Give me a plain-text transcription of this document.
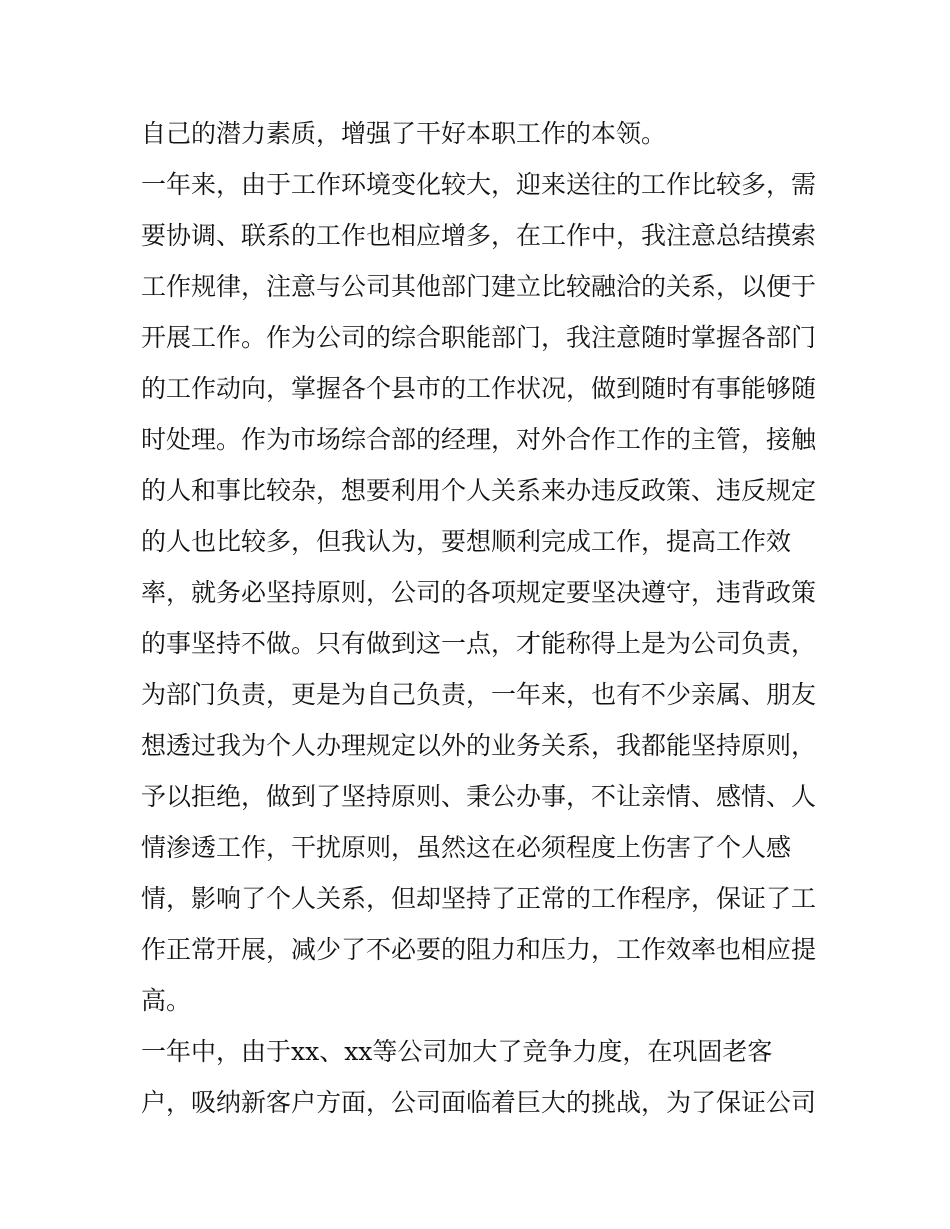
自己的潜力素质，增强了干好本职工作的本领。
一年来，由于工作环境变化较大，迎来送往的工作比较多，需
要协调、联系的工作也相应增多，在工作中，我注意总结摸索
工作规律，注意与公司其他部门建立比较融洽的关系，以便于
开展工作。作为公司的综合职能部门，我注意随时掌握各部门
的工作动向，掌握各个县市的工作状况，做到随时有事能够随
时处理。作为市场综合部的经理，对外合作工作的主管，接触
的人和事比较杂，想要利用个人关系来办违反政策、违反规定
的人也比较多，但我认为，要想顺利完成工作，提高工作效
率，就务必坚持原则，公司的各项规定要坚决遵守，违背政策
的事坚持不做。只有做到这一点，才能称得上是为公司负责，
为部门负责，更是为自己负责，一年来，也有不少亲属、朋友
想透过我为个人办理规定以外的业务关系，我都能坚持原则，
予以拒绝，做到了坚持原则、秉公办事，不让亲情、感情、人
情渗透工作，干扰原则，虽然这在必须程度上伤害了个人感
情，影响了个人关系，但却坚持了正常的工作程序，保证了工
作正常开展，减少了不必要的阻力和压力，工作效率也相应提
高。
一年中，由于xx、xx等公司加大了竞争力度，在巩固老客
户，吸纳新客户方面，公司面临着巨大的挑战，为了保证公司
